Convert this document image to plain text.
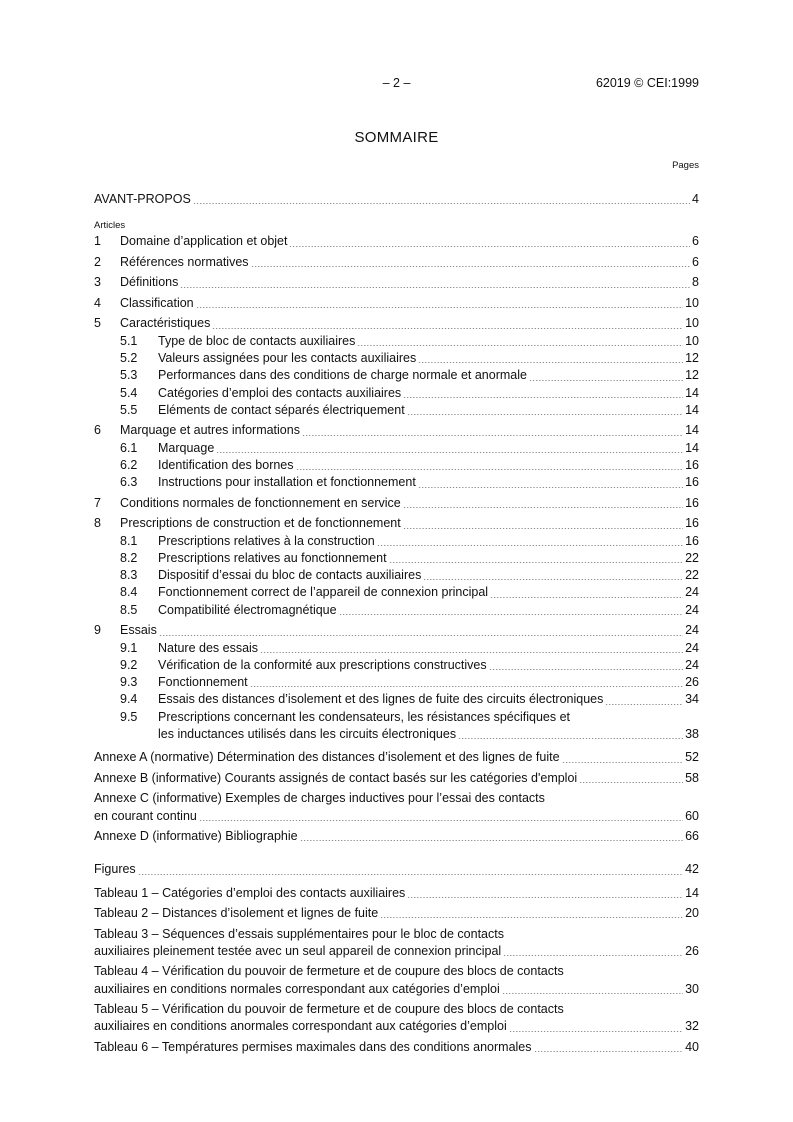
– 2 –	62019 © CEI:1999
SOMMAIRE
Pages
AVANT-PROPOS	4
Articles
1	Domaine d’application et objet	6
2	Références normatives	6
3	Définitions	8
4	Classification	10
5	Caractéristiques	10
5.1	Type de bloc de contacts auxiliaires	10
5.2	Valeurs assignées pour les contacts auxiliaires	12
5.3	Performances dans des conditions de charge normale et anormale	12
5.4	Catégories d’emploi des contacts auxiliaires	14
5.5	Eléments de contact séparés électriquement	14
6	Marquage et autres informations	14
6.1	Marquage	14
6.2	Identification des bornes	16
6.3	Instructions pour installation et fonctionnement	16
7	Conditions normales de fonctionnement en service	16
8	Prescriptions de construction et de fonctionnement	16
8.1	Prescriptions relatives à la construction	16
8.2	Prescriptions relatives au fonctionnement	22
8.3	Dispositif d’essai du bloc de contacts auxiliaires	22
8.4	Fonctionnement correct de l’appareil de connexion principal	24
8.5	Compatibilité électromagnétique	24
9	Essais	24
9.1	Nature des essais	24
9.2	Vérification de la conformité aux prescriptions constructives	24
9.3	Fonctionnement	26
9.4	Essais des distances d’isolement et des lignes de fuite des circuits électroniques	34
9.5	Prescriptions concernant les condensateurs, les résistances spécifiques et
les inductances utilisés dans les circuits électroniques	38
Annexe A (normative) Détermination des distances d’isolement et des lignes de fuite	52
Annexe B (informative) Courants assignés de contact basés sur les catégories d'emploi	58
Annexe C (informative) Exemples de charges inductives pour l’essai des contacts
en courant continu	60
Annexe D (informative) Bibliographie	66
Figures	42
Tableau 1 – Catégories d’emploi des contacts auxiliaires	14
Tableau 2 – Distances d’isolement et lignes de fuite	20
Tableau 3 – Séquences d’essais supplémentaires pour le bloc de contacts
auxiliaires pleinement testée avec un seul appareil de connexion principal	26
Tableau 4 – Vérification du pouvoir de fermeture et de coupure des blocs de contacts
auxiliaires en conditions normales correspondant aux catégories d’emploi	30
Tableau 5 – Vérification du pouvoir de fermeture et de coupure des blocs de contacts
auxiliaires en conditions anormales correspondant aux catégories d’emploi	32
Tableau 6 – Températures permises maximales dans des conditions anormales	40
